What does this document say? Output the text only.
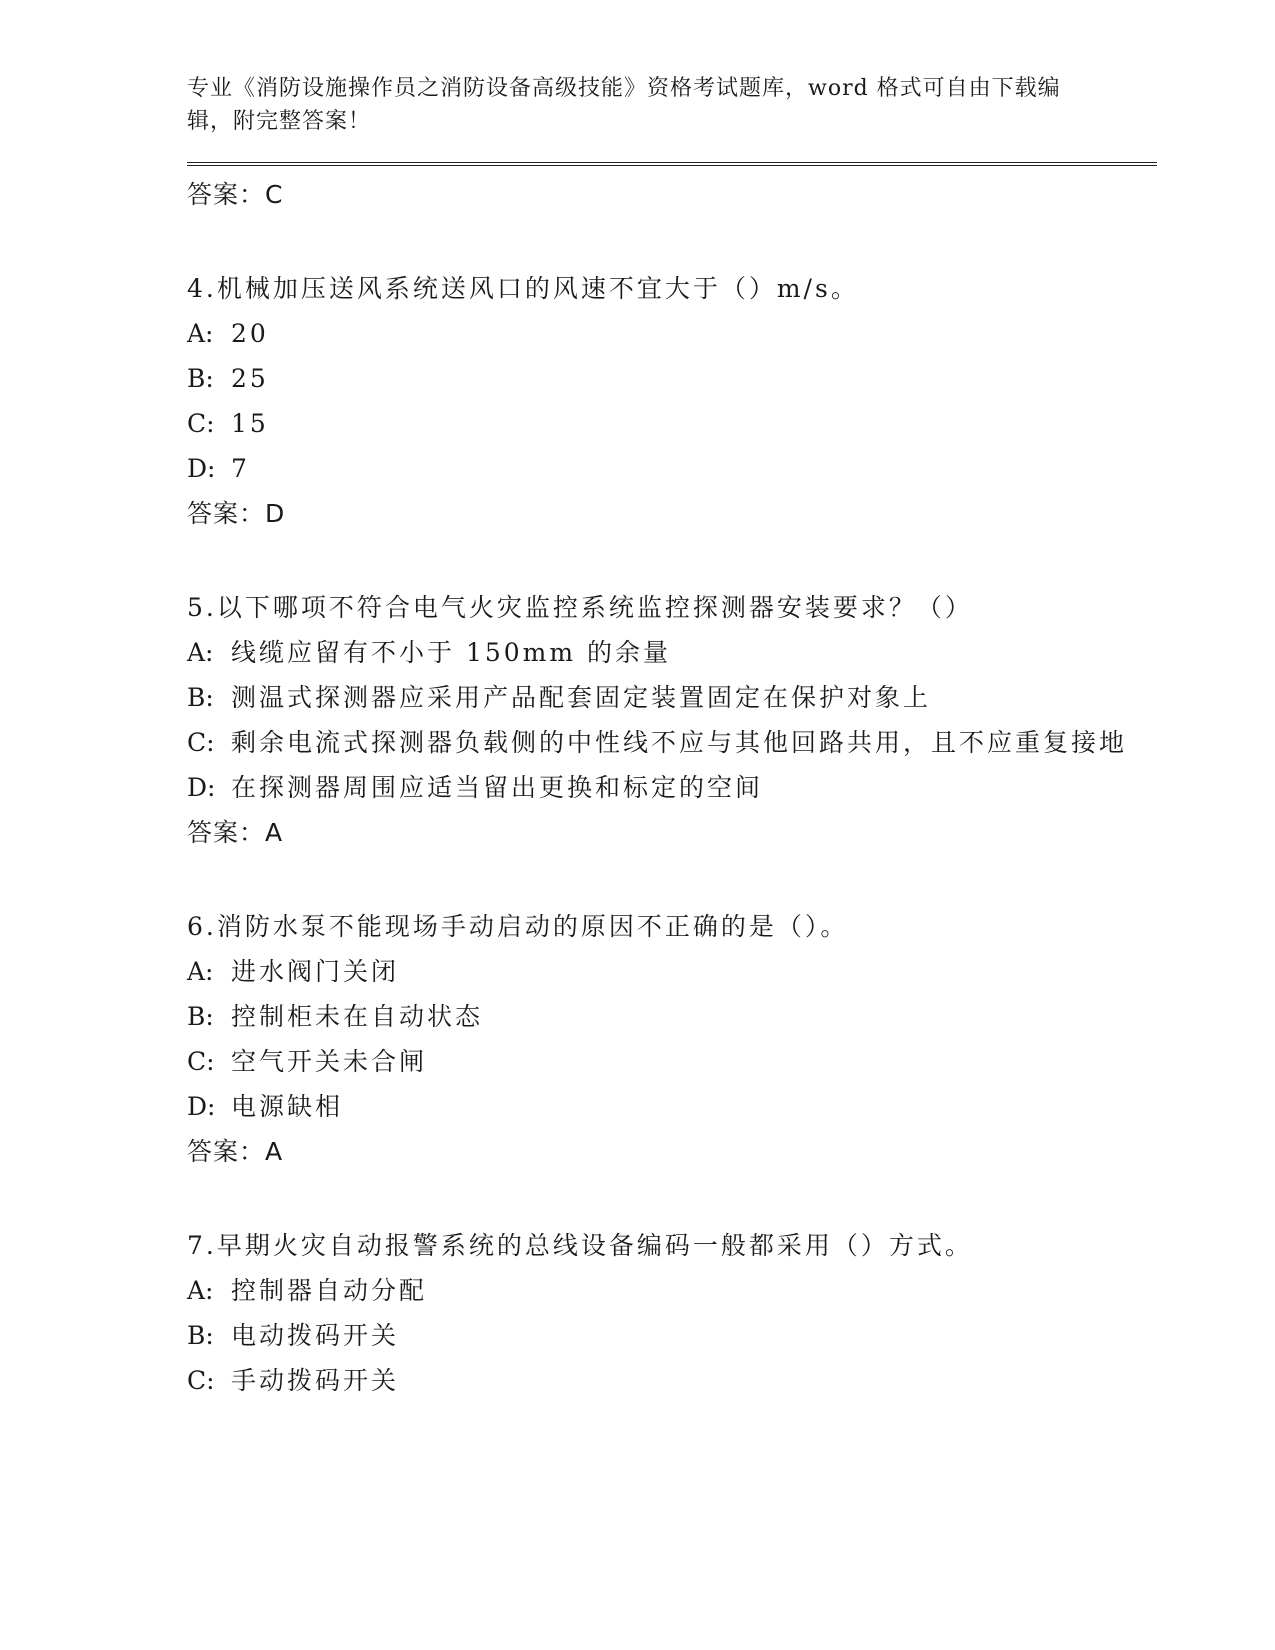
专业《消防设施操作员之消防设备高级技能》资格考试题库，word 格式可自由下载编辑，附完整答案！
答案：C
4.机械加压送风系统送风口的风速不宜大于（）m/s。
A: 20
B: 25
C: 15
D: 7
答案：D
5.以下哪项不符合电气火灾监控系统监控探测器安装要求？（）
A: 线缆应留有不小于 150mm 的余量
B: 测温式探测器应采用产品配套固定装置固定在保护对象上
C: 剩余电流式探测器负载侧的中性线不应与其他回路共用，且不应重复接地
D: 在探测器周围应适当留出更换和标定的空间
答案：A
6.消防水泵不能现场手动启动的原因不正确的是（）。
A: 进水阀门关闭
B: 控制柜未在自动状态
C: 空气开关未合闸
D: 电源缺相
答案：A
7.早期火灾自动报警系统的总线设备编码一般都采用（）方式。
A: 控制器自动分配
B: 电动拨码开关
C: 手动拨码开关
